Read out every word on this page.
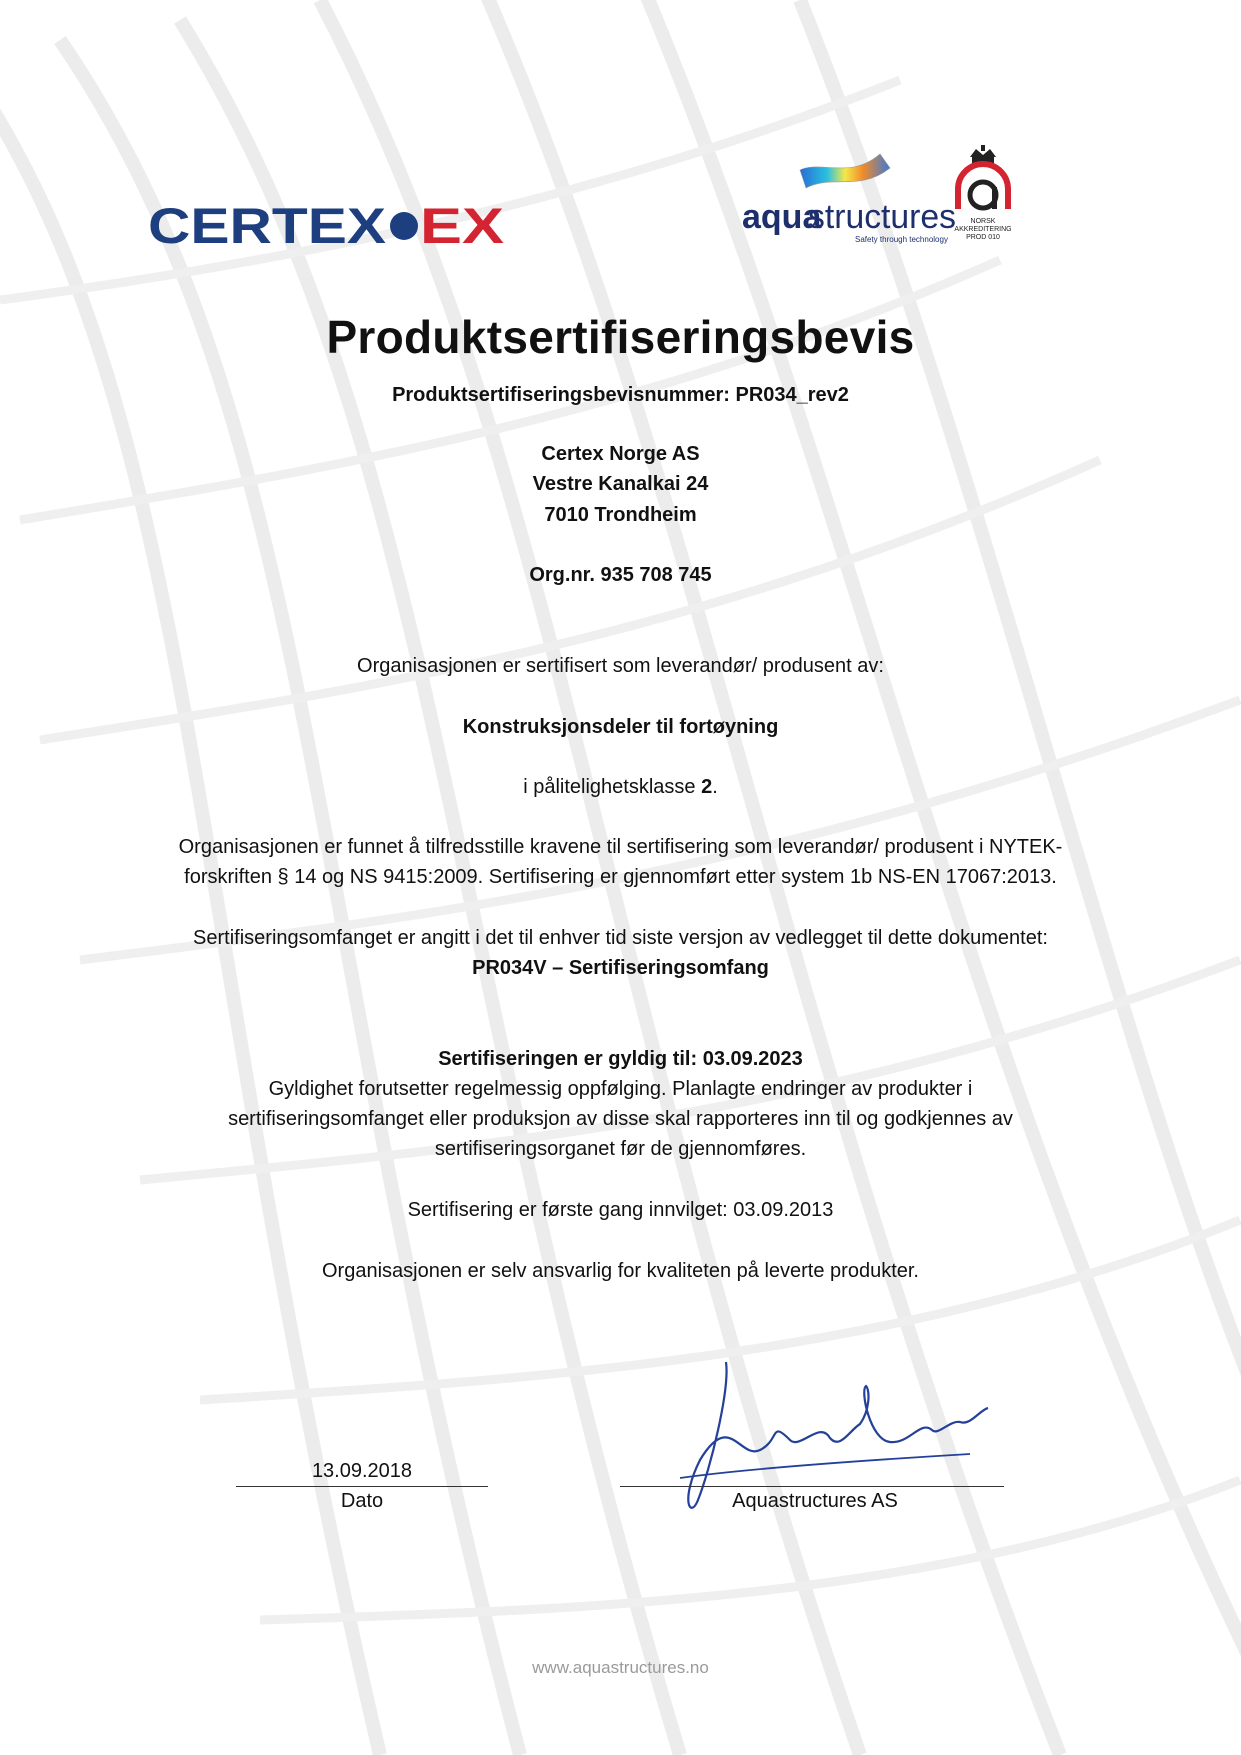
CERTEX EX	aqua
structures
Safety through technology
NORSK
AKKREDITERING
PROD 010
Produktsertifiseringsbevis
Produktsertifiseringsbevisnummer: PR034_rev2
Certex Norge AS
Vestre Kanalkai 24
7010 Trondheim
Org.nr. 935 708 745
Organisasjonen er sertifisert som leverandør/ produsent av:
Konstruksjonsdeler til fortøyning
i pålitelighetsklasse 2.
Organisasjonen er funnet å tilfredsstille kravene til sertifisering som leverandør/ produsent i NYTEK-
forskriften § 14 og NS 9415:2009. Sertifisering er gjennomført etter system 1b NS-EN 17067:2013.
Sertifiseringsomfanget er angitt i det til enhver tid siste versjon av vedlegget til dette dokumentet:
PR034V – Sertifiseringsomfang
Sertifiseringen er gyldig til: 03.09.2023
Gyldighet forutsetter regelmessig oppfølging. Planlagte endringer av produkter i
sertifiseringsomfanget eller produksjon av disse skal rapporteres inn til og godkjennes av
sertifiseringsorganet før de gjennomføres.
Sertifisering er første gang innvilget: 03.09.2013
Organisasjonen er selv ansvarlig for kvaliteten på leverte produkter.
13.09.2018
Dato	Aquastructures AS
www.aquastructures.no
